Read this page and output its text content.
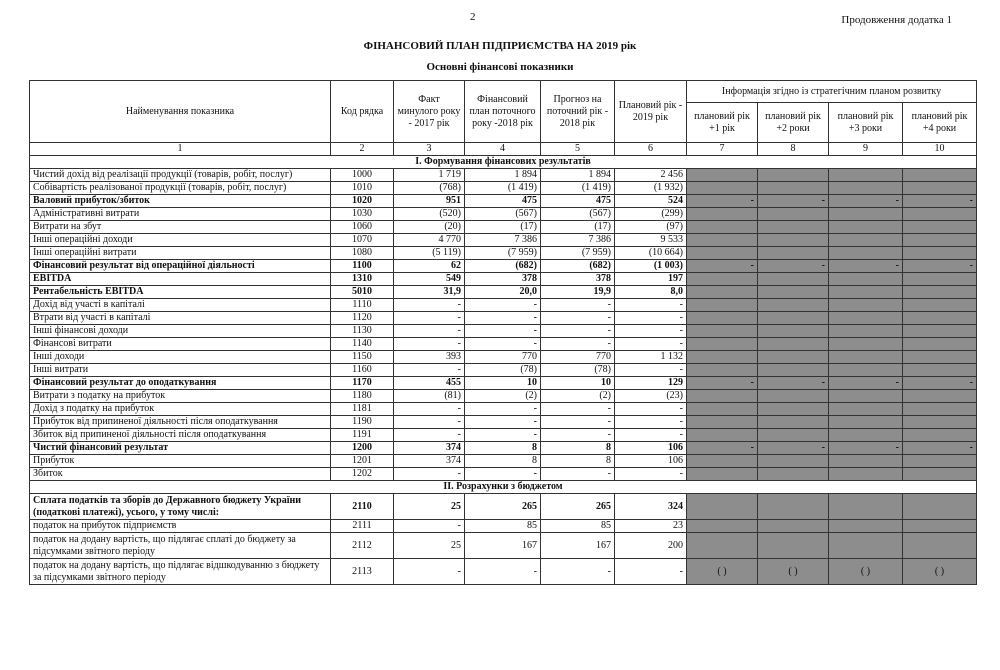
2	Продовження додатка 1
ФІНАНСОВИЙ ПЛАН ПІДПРИЄМСТВА НА 2019 рік
Основні фінансові показники
Найменування показника	Код рядка	Факт минулого року - 2017 рік	Фінансовий план поточного року -2018 рік	Прогноз на поточний рік - 2018 рік	Плановий рік - 2019 рік	Інформація згідно із стратегічним планом розвитку			
						плановий рік +1 рік	плановий рік +2 роки	плановий рік +3 роки	плановий рік +4 роки
1	2	3	4	5	6	7	8	9	10
I. Формування фінансових результатів									
Чистий дохід від реалізації продукції (товарів, робіт, послуг)	1000	1 719	1 894	1 894	2 456				
Собівартість реалізованої продукції (товарів, робіт, послуг)	1010	(768)	(1 419)	(1 419)	(1 932)				
Валовий прибуток/збиток	1020	951	475	475	524	-	-	-	-
Адміністративні витрати	1030	(520)	(567)	(567)	(299)				
Витрати на збут	1060	(20)	(17)	(17)	(97)				
Інші операційні доходи	1070	4 770	7 386	7 386	9 533				
Інші операційні витрати	1080	(5 119)	(7 959)	(7 959)	(10 664)				
Фінансовий результат від операційної діяльності	1100	62	(682)	(682)	(1 003)	-	-	-	-
EBITDA	1310	549	378	378	197				
Рентабельність EBITDA	5010	31,9	20,0	19,9	8,0				
Дохід від участі в капіталі	1110	-	-	-	-				
Втрати від участі в капіталі	1120	-	-	-	-				
Інші фінансові доходи	1130	-	-	-	-				
Фінансові витрати	1140	-	-	-	-				
Інші доходи	1150	393	770	770	1 132				
Інші витрати	1160	-	(78)	(78)	-				
Фінансовий результат до оподаткування	1170	455	10	10	129	-	-	-	-
Витрати з податку на прибуток	1180	(81)	(2)	(2)	(23)				
Дохід з податку на прибуток	1181	-	-	-	-				
Прибуток від припиненої діяльності після оподаткування	1190	-	-	-	-				
Збиток від припиненої діяльності після оподаткування	1191	-	-	-	-				
Чистий фінансовий результат	1200	374	8	8	106	-	-	-	-
Прибуток	1201	374	8	8	106				
Збиток	1202	-	-	-	-				
II. Розрахунки з бюджетом									
Сплата податків та зборів до Державного бюджету України (податкові платежі), усього, у тому числі:	2110	25	265	265	324				
податок на прибуток підприємств	2111	-	85	85	23				
податок на додану вартість, що підлягає сплаті до бюджету за підсумками звітного періоду	2112	25	167	167	200				
податок на додану вартість, що підлягає відшкодуванню з бюджету за підсумками звітного періоду	2113	-	-	-	-	( )	( )	( )	( )
